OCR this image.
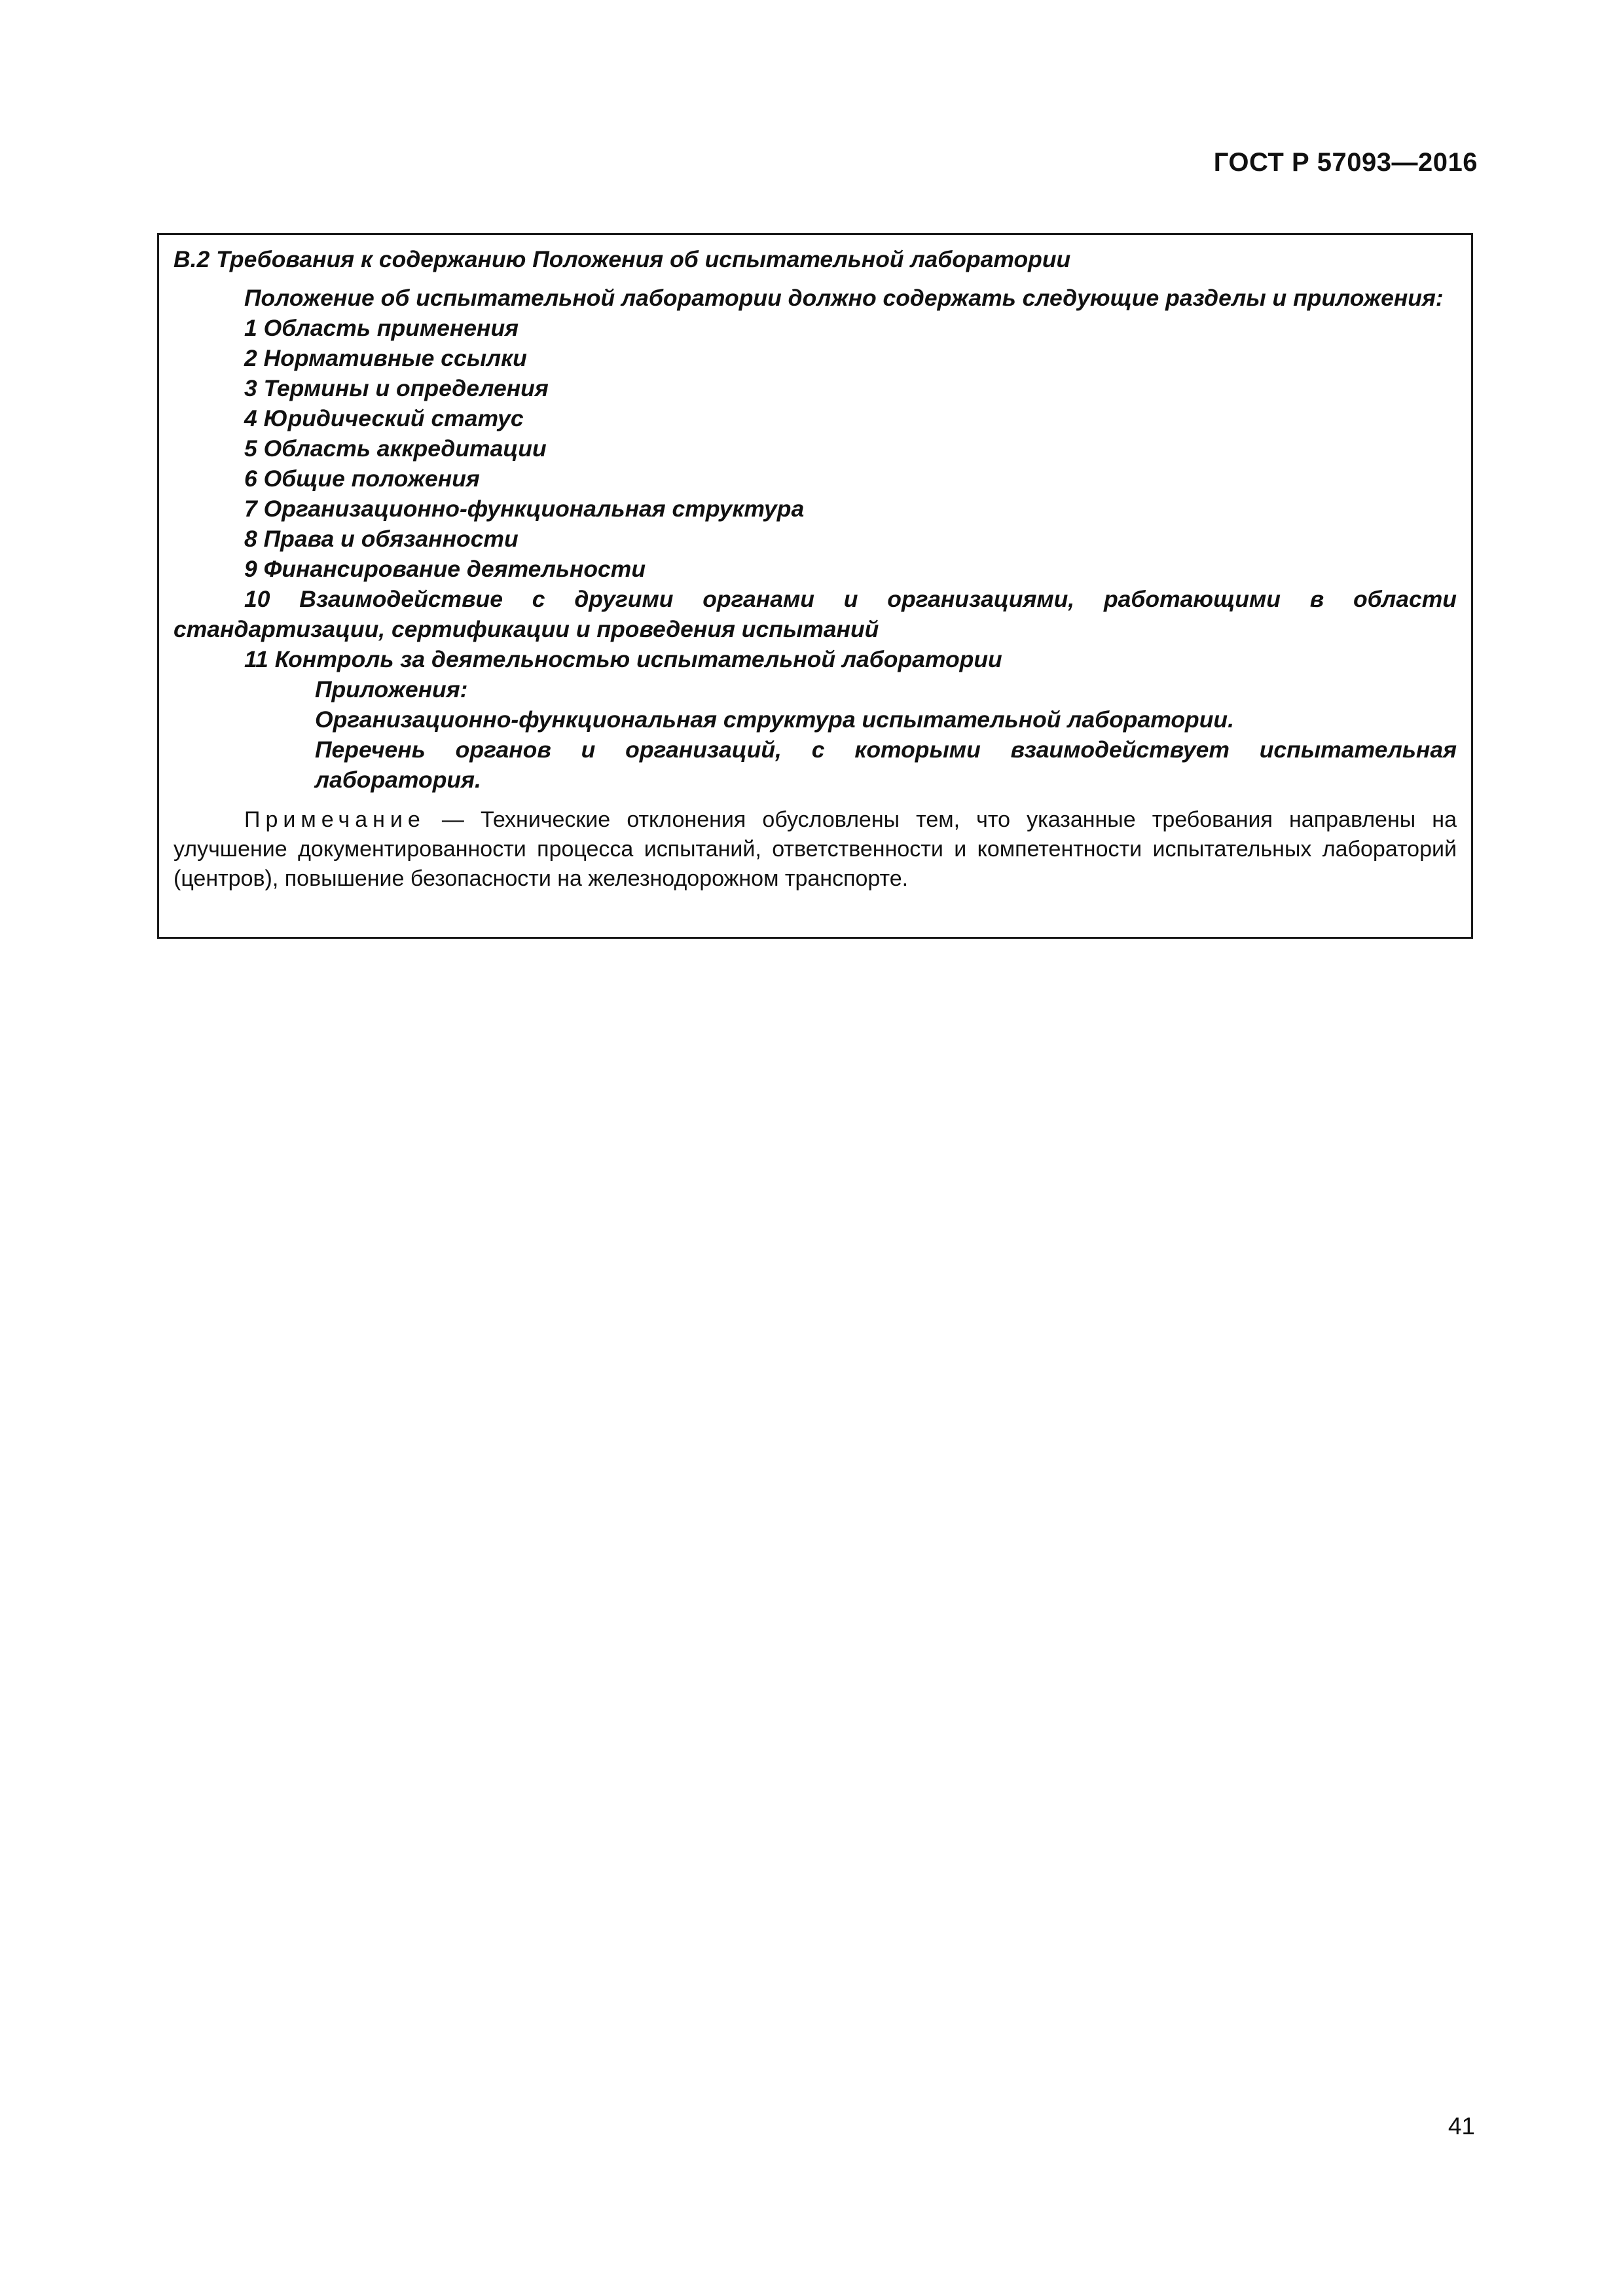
ГОСТ Р 57093—2016
В.2 Требования к содержанию Положения об испытательной лаборатории

Положение об испытательной лаборатории должно содержать следующие разделы и приложения:

1 Область применения
2 Нормативные ссылки
3 Термины и определения
4 Юридический статус
5 Область аккредитации
6 Общие положения
7 Организационно-функциональная структура
8 Права и обязанности
9 Финансирование деятельности

10 Взаимодействие с другими органами и организациями, работающими в области стандартизации, сертификации и проведения испытаний

11 Контроль за деятельностью испытательной лаборатории
Приложения:
Организационно-функциональная структура испытательной лаборатории.
Перечень органов и организаций, с которыми взаимодействует испытательная лаборатория.
Примечание — Технические отклонения обусловлены тем, что указанные требования направлены на улучшение документированности процесса испытаний, ответственности и компетентности испытательных лабораторий (центров), повышение безопасности на железнодорожном транспорте.
41
